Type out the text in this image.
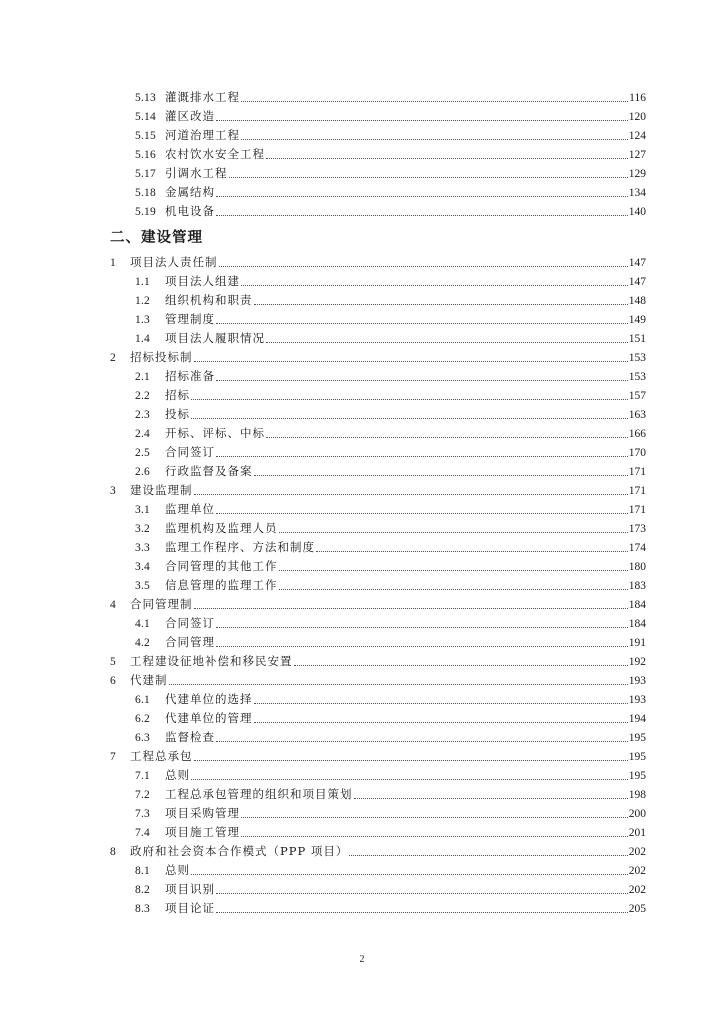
5.13 灌溉排水工程	116
5.14 灌区改造	120
5.15 河道治理工程	124
5.16 农村饮水安全工程	127
5.17 引调水工程	129
5.18 金属结构	134
5.19 机电设备	140
二、建设管理
1	项目法人责任制	147
1.1	项目法人组建	147
1.2	组织机构和职责	148
1.3	管理制度	149
1.4	项目法人履职情况	151
2	招标投标制	153
2.1	招标准备	153
2.2	招标	157
2.3	投标	163
2.4	开标、评标、中标	166
2.5	合同签订	170
2.6	行政监督及备案	171
3	建设监理制	171
3.1	监理单位	171
3.2	监理机构及监理人员	173
3.3	监理工作程序、方法和制度	174
3.4	合同管理的其他工作	180
3.5	信息管理的监理工作	183
4	合同管理制	184
4.1	合同签订	184
4.2	合同管理	191
5	工程建设征地补偿和移民安置	192
6	代建制	193
6.1	代建单位的选择	193
6.2	代建单位的管理	194
6.3	监督检查	195
7	工程总承包	195
7.1	总则	195
7.2	工程总承包管理的组织和项目策划	198
7.3	项目采购管理	200
7.4	项目施工管理	201
8	政府和社会资本合作模式（PPP 项目）	202
8.1	总则	202
8.2	项目识别	202
8.3	项目论证	205
2
